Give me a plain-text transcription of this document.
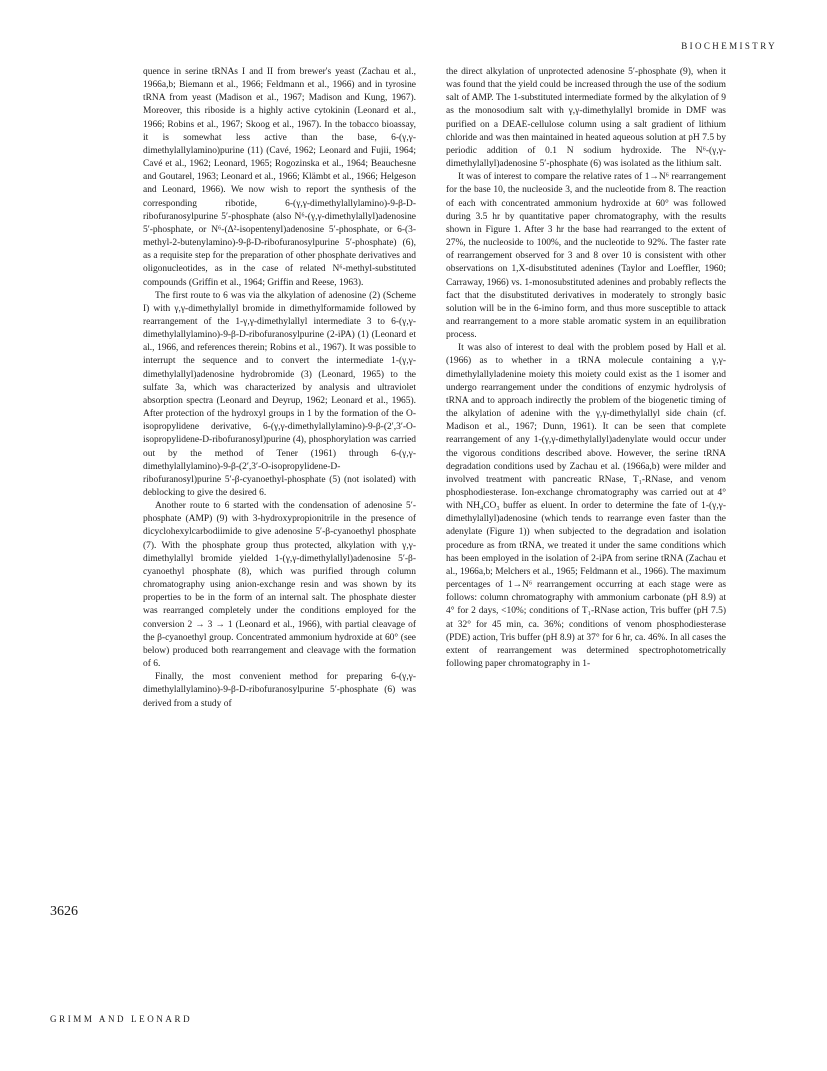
BIOCHEMISTRY

quence in serine tRNAs I and II from brewer's yeast (Zachau et al., 1966a,b; Biemann et al., 1966; Feldmann et al., 1966) and in tyrosine tRNA from yeast (Madison et al., 1967; Madison and Kung, 1967). Moreover, this riboside is a highly active cytokinin (Leonard et al., 1966; Robins et al., 1967; Skoog et al., 1967). In the tobacco bioassay, it is somewhat less active than the base, 6-(γ,γ-dimethylallylamino)purine (11) (Cavé, 1962; Leonard and Fujii, 1964; Cavé et al., 1962; Leonard, 1965; Rogozinska et al., 1964; Beauchesne and Goutarel, 1963; Leonard et al., 1966; Klämbt et al., 1966; Helgeson and Leonard, 1966). We now wish to report the synthesis of the corresponding ribotide, 6-(γ,γ-dimethylallylamino)-9-β-D-ribofuranosylpurine 5′-phosphate (also N⁶-(γ,γ-dimethylallyl)adenosine 5′-phosphate, or N⁶-(Δ²-isopentenyl)adenosine 5′-phosphate, or 6-(3-methyl-2-butenylamino)-9-β-D-ribofuranosylpurine 5′-phosphate) (6), as a requisite step for the preparation of other phosphate derivatives and oligonucleotides, as in the case of related N⁶-methyl-substituted compounds (Griffin et al., 1964; Griffin and Reese, 1963).

The first route to 6 was via the alkylation of adenosine (2) (Scheme I) with γ,γ-dimethylallyl bromide in dimethylformamide followed by rearrangement of the 1-γ,γ-dimethylallyl intermediate 3 to 6-(γ,γ-dimethylallylamino)-9-β-D-ribofuranosylpurine (2-iPA) (1) (Leonard et al., 1966, and references therein; Robins et al., 1967). It was possible to interrupt the sequence and to convert the intermediate 1-(γ,γ-dimethylallyl)adenosine hydrobromide (3) (Leonard, 1965) to the sulfate 3a, which was characterized by analysis and ultraviolet absorption spectra (Leonard and Deyrup, 1962; Leonard et al., 1965). After protection of the hydroxyl groups in 1 by the formation of the O-isopropylidene derivative, 6-(γ,γ-dimethylallylamino)-9-β-(2′,3′-O-isopropylidene-D-ribofuranosyl)purine (4), phosphorylation was carried out by the method of Tener (1961) through 6-(γ,γ-dimethylallylamino)-9-β-(2′,3′-O-isopropylidene-D-ribofuranosyl)purine 5′-β-cyanoethyl-phosphate (5) (not isolated) with deblocking to give the desired 6.

Another route to 6 started with the condensation of adenosine 5′-phosphate (AMP) (9) with 3-hydroxypropionitrile in the presence of dicyclohexylcarbodiimide to give adenosine 5′-β-cyanoethyl phosphate (7). With the phosphate group thus protected, alkylation with γ,γ-dimethylallyl bromide yielded 1-(γ,γ-dimethylallyl)adenosine 5′-β-cyanoethyl phosphate (8), which was purified through column chromatography using anion-exchange resin and was shown by its properties to be in the form of an internal salt. The phosphate diester was rearranged completely under the conditions employed for the conversion 2 → 3 → 1 (Leonard et al., 1966), with partial cleavage of the β-cyanoethyl group. Concentrated ammonium hydroxide at 60° (see below) produced both rearrangement and cleavage with the formation of 6.

Finally, the most convenient method for preparing 6-(γ,γ-dimethylallylamino)-9-β-D-ribofuranosylpurine 5′-phosphate (6) was derived from a study of

the direct alkylation of unprotected adenosine 5′-phosphate (9), when it was found that the yield could be increased through the use of the sodium salt of AMP. The 1-substituted intermediate formed by the alkylation of 9 as the monosodium salt with γ,γ-dimethylallyl bromide in DMF was purified on a DEAE-cellulose column using a salt gradient of lithium chloride and was then maintained in heated aqueous solution at pH 7.5 by periodic addition of 0.1 N sodium hydroxide. The N⁶-(γ,γ-dimethylallyl)adenosine 5′-phosphate (6) was isolated as the lithium salt.

It was of interest to compare the relative rates of 1→N⁶ rearrangement for the base 10, the nucleoside 3, and the nucleotide from 8. The reaction of each with concentrated ammonium hydroxide at 60° was followed during 3.5 hr by quantitative paper chromatography, with the results shown in Figure 1. After 3 hr the base had rearranged to the extent of 27%, the nucleoside to 100%, and the nucleotide to 92%. The faster rate of rearrangement observed for 3 and 8 over 10 is consistent with other observations on 1,X-disubstituted adenines (Taylor and Loeffler, 1960; Carraway, 1966) vs. 1-monosubstituted adenines and probably reflects the fact that the disubstituted derivatives in moderately to strongly basic solution will be in the 6-imino form, and thus more susceptible to attack and rearrangement to a more stable aromatic system in an equilibration process.

It was also of interest to deal with the problem posed by Hall et al. (1966) as to whether in a tRNA molecule containing a γ,γ-dimethylallyladenine moiety this moiety could exist as the 1 isomer and undergo rearrangement under the conditions of enzymic hydrolysis of tRNA and to approach indirectly the problem of the biogenetic timing of the alkylation of adenine with the γ,γ-dimethylallyl side chain (cf. Madison et al., 1967; Dunn, 1961). It can be seen that complete rearrangement of any 1-(γ,γ-dimethylallyl)adenylate would occur under the vigorous conditions described above. However, the serine tRNA degradation conditions used by Zachau et al. (1966a,b) were milder and involved treatment with pancreatic RNase, T₁-RNase, and venom phosphodiesterase. Ion-exchange chromatography was carried out at 4° with NH₄CO₃ buffer as eluent. In order to determine the fate of 1-(γ,γ-dimethylallyl)adenosine (which tends to rearrange even faster than the adenylate (Figure 1)) when subjected to the degradation and isolation procedure as from tRNA, we treated it under the same conditions which has been employed in the isolation of 2-iPA from serine tRNA (Zachau et al., 1966a,b; Melchers et al., 1965; Feldmann et al., 1966). The maximum percentages of 1→N⁶ rearrangement occurring at each stage were as follows: column chromatography with ammonium carbonate (pH 8.9) at 4° for 2 days, <10%; conditions of T₁-RNase action, Tris buffer (pH 7.5) at 32° for 45 min, ca. 36%; conditions of venom phosphodiesterase (PDE) action, Tris buffer (pH 8.9) at 37° for 6 hr, ca. 46%. In all cases the extent of rearrangement was determined spectrophotometrically following paper chromatography in 1-

3626
GRIMM AND LEONARD
